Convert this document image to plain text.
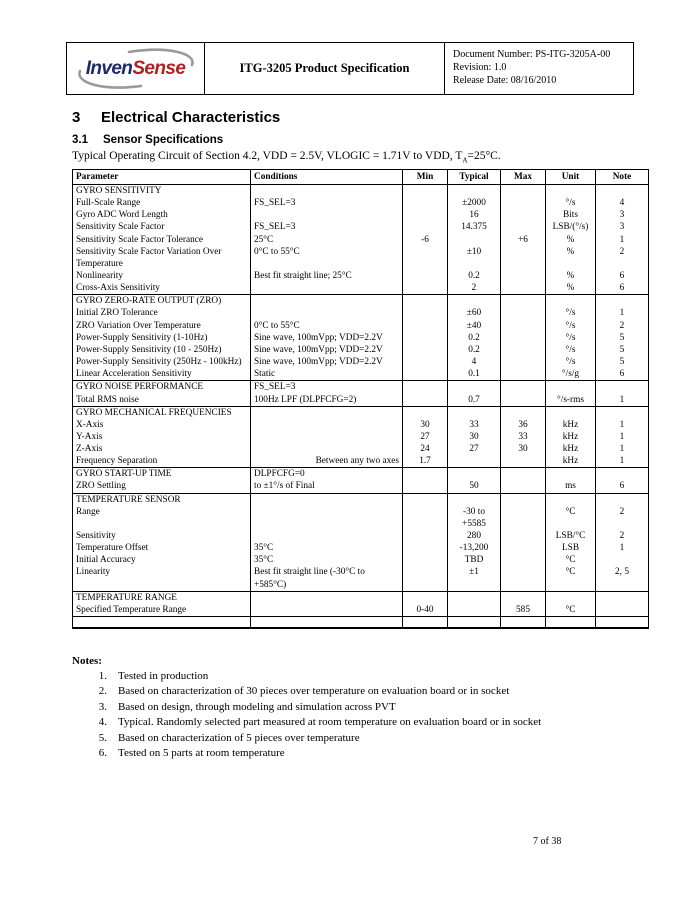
InvenSense	ITG-3205 Product Specification
Document Number: PS-ITG-3205A-00
Revision: 1.0
Release Date: 08/16/2010
3 Electrical Characteristics
3.1 Sensor Specifications
Typical Operating Circuit of Section 4.2, VDD = 2.5V, VLOGIC = 1.71V to VDD, $T_A=25^\circ C$.
Parameter	Conditions	Min	Typical	Max	Unit	Note
GYRO SENSITIVITY						
Full-Scale Range	FS_SEL=3		±2000		°/s	4
Gyro ADC Word Length			16		Bits	3
Sensitivity Scale Factor	FS_SEL=3		14.375		LSB/(°/s)	3
Sensitivity Scale Factor Tolerance	25°C	-6		+6	%	1
Sensitivity Scale Factor Variation Over Temperature	0°C to 55°C		±10		%	2
Nonlinearity	Best fit straight line; 25°C		0.2		%	6
Cross-Axis Sensitivity			2		%	6
GYRO ZERO-RATE OUTPUT (ZRO)						
Initial ZRO Tolerance			±60		°/s	1
ZRO Variation Over Temperature	0°C to 55°C		±40		°/s	2
Power-Supply Sensitivity (1-10Hz)	Sine wave, 100mVpp; VDD=2.2V		0.2		°/s	5
Power-Supply Sensitivity (10 - 250Hz)	Sine wave, 100mVpp; VDD=2.2V		0.2		°/s	5
Power-Supply Sensitivity (250Hz - 100kHz)	Sine wave, 100mVpp; VDD=2.2V		4		°/s	5
Linear Acceleration Sensitivity	Static		0.1		°/s/g	6
GYRO NOISE PERFORMANCE	FS_SEL=3					
Total RMS noise	100Hz LPF (DLPFCFG=2)		0.7		°/s-rms	1
GYRO MECHANICAL FREQUENCIES						
X-Axis		30	33	36	kHz	1
Y-Axis		27	30	33	kHz	1
Z-Axis		24	27	30	kHz	1
Frequency Separation	Between any two axes	1.7			kHz	1
GYRO START-UP TIME	DLPFCFG=0					
ZRO Settling	to ±1°/s of Final		50		ms	6
TEMPERATURE SENSOR						
Range			-30 to +5585		°C	2
Sensitivity			280		LSB/°C	2
Temperature Offset	35°C		-13,200		LSB	1
Initial Accuracy	35°C		TBD		°C	
Linearity	Best fit straight line (-30°C to +585°C)		±1		°C	2, 5
TEMPERATURE RANGE						
Specified Temperature Range		0-40		585	°C	

Notes:
1. Tested in production
2. Based on characterization of 30 pieces over temperature on evaluation board or in socket
3. Based on design, through modeling and simulation across PVT
4. Typical. Randomly selected part measured at room temperature on evaluation board or in socket
5. Based on characterization of 5 pieces over temperature
6. Tested on 5 parts at room temperature
7 of 38
